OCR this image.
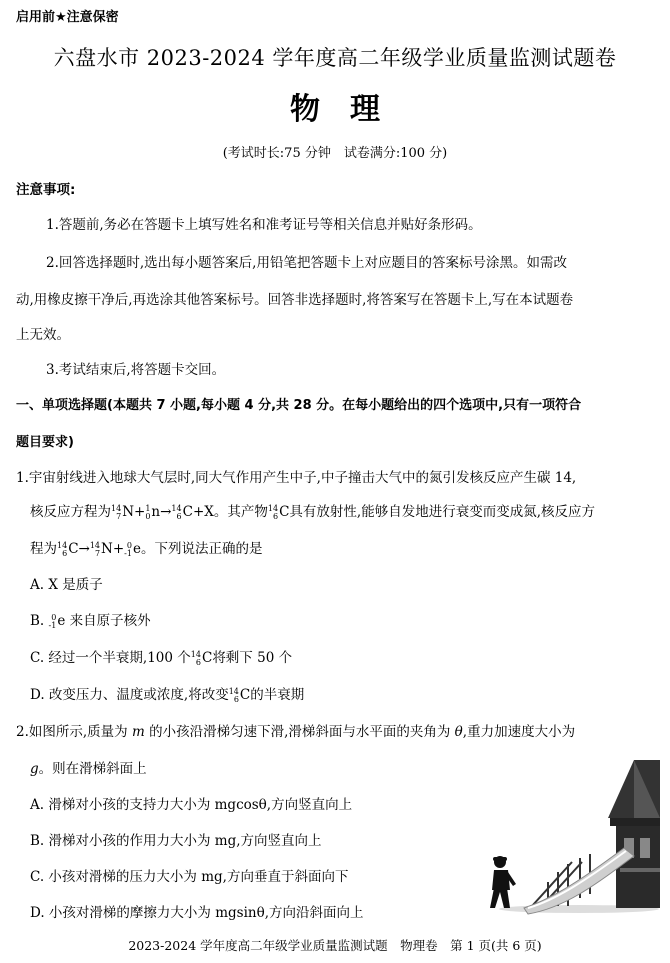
启用前★注意保密
六盘水市 2023-2024 学年度高二年级学业质量监测试题卷
物理
(考试时长:75 分钟　试卷满分:100 分)
注意事项:
1.答题前,务必在答题卡上填写姓名和准考证号等相关信息并贴好条形码。
2.回答选择题时,选出每小题答案后,用铅笔把答题卡上对应题目的答案标号涂黑。如需改
动,用橡皮擦干净后,再选涂其他答案标号。回答非选择题时,将答案写在答题卡上,写在本试题卷
上无效。
3.考试结束后,将答题卡交回。
一、单项选择题(本题共 7 小题,每小题 4 分,共 28 分。在每小题给出的四个选项中,只有一项符合
题目要求)
1.宇宙射线进入地球大气层时,同大气作用产生中子,中子撞击大气中的氮引发核反应产生碳 14,
核反应方程为 14
7 N+ 1
0 n→ 14
6 C+X。其产物 14
6 C具有放射性,能够自发地进行衰变而变成氮,核反应方
程为 14
6 C→ 14
7 N+ 0
-1 e。下列说法正确的是
A. X 是质子
B. 0
-1 e 来自原子核外
C. 经过一个半衰期,100 个 14
6 C将剩下 50 个
D. 改变压力、温度或浓度,将改变 14
6 C的半衰期
2.如图所示,质量为 m 的小孩沿滑梯匀速下滑,滑梯斜面与水平面的夹角为 θ,重力加速度大小为
g。则在滑梯斜面上
A. 滑梯对小孩的支持力大小为 mgcosθ,方向竖直向上
B. 滑梯对小孩的作用力大小为 mg,方向竖直向上
C. 小孩对滑梯的压力大小为 mg,方向垂直于斜面向下
D. 小孩对滑梯的摩擦力大小为 mgsinθ,方向沿斜面向上
2023-2024 学年度高二年级学业质量监测试题　物理卷　第 1 页(共 6 页)
